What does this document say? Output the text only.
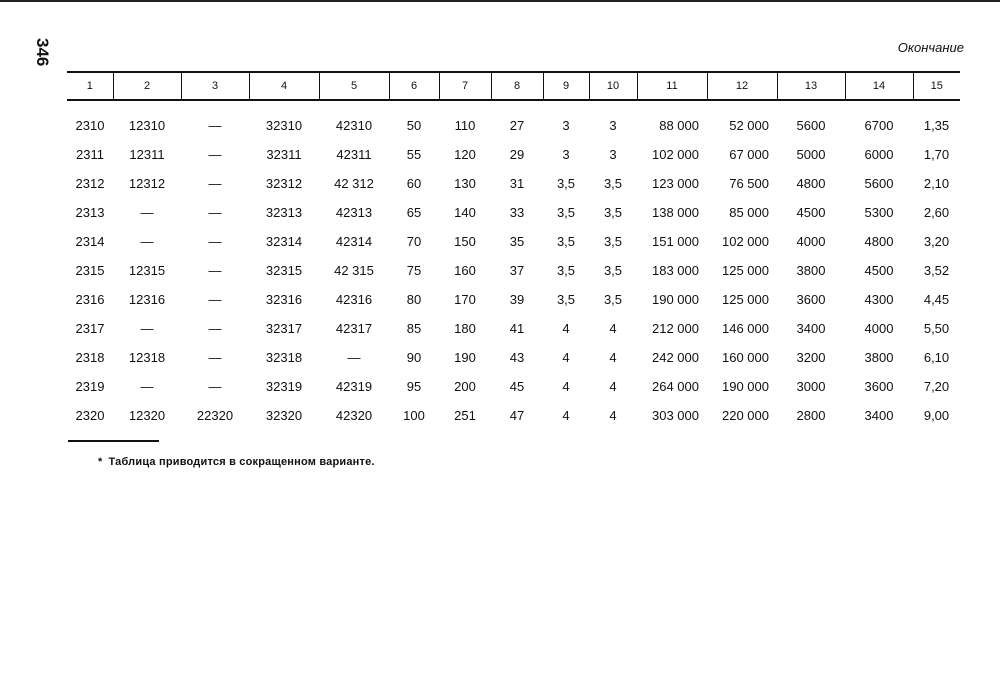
346	Окончание
1	2	3	4	5	6	7	8	9	10	11	12	13	14	15
2310	12310	—	32310	42310	50	110	27	3	3	88 000	52 000	5600	6700	1,35
2311	12311	—	32311	42311	55	120	29	3	3	102 000	67 000	5000	6000	1,70
2312	12312	—	32312	42 312	60	130	31	3,5	3,5	123 000	76 500	4800	5600	2,10
2313	—	—	32313	42313	65	140	33	3,5	3,5	138 000	85 000	4500	5300	2,60
2314	—	—	32314	42314	70	150	35	3,5	3,5	151 000	102 000	4000	4800	3,20
2315	12315	—	32315	42 315	75	160	37	3,5	3,5	183 000	125 000	3800	4500	3,52
2316	12316	—	32316	42316	80	170	39	3,5	3,5	190 000	125 000	3600	4300	4,45
2317	—	—	32317	42317	85	180	41	4	4	212 000	146 000	3400	4000	5,50
2318	12318	—	32318	—	90	190	43	4	4	242 000	160 000	3200	3800	6,10
2319	—	—	32319	42319	95	200	45	4	4	264 000	190 000	3000	3600	7,20
2320	12320	22320	32320	42320	100	251	47	4	4	303 000	220 000	2800	3400	9,00
* Таблица приводится в сокращенном варианте.
